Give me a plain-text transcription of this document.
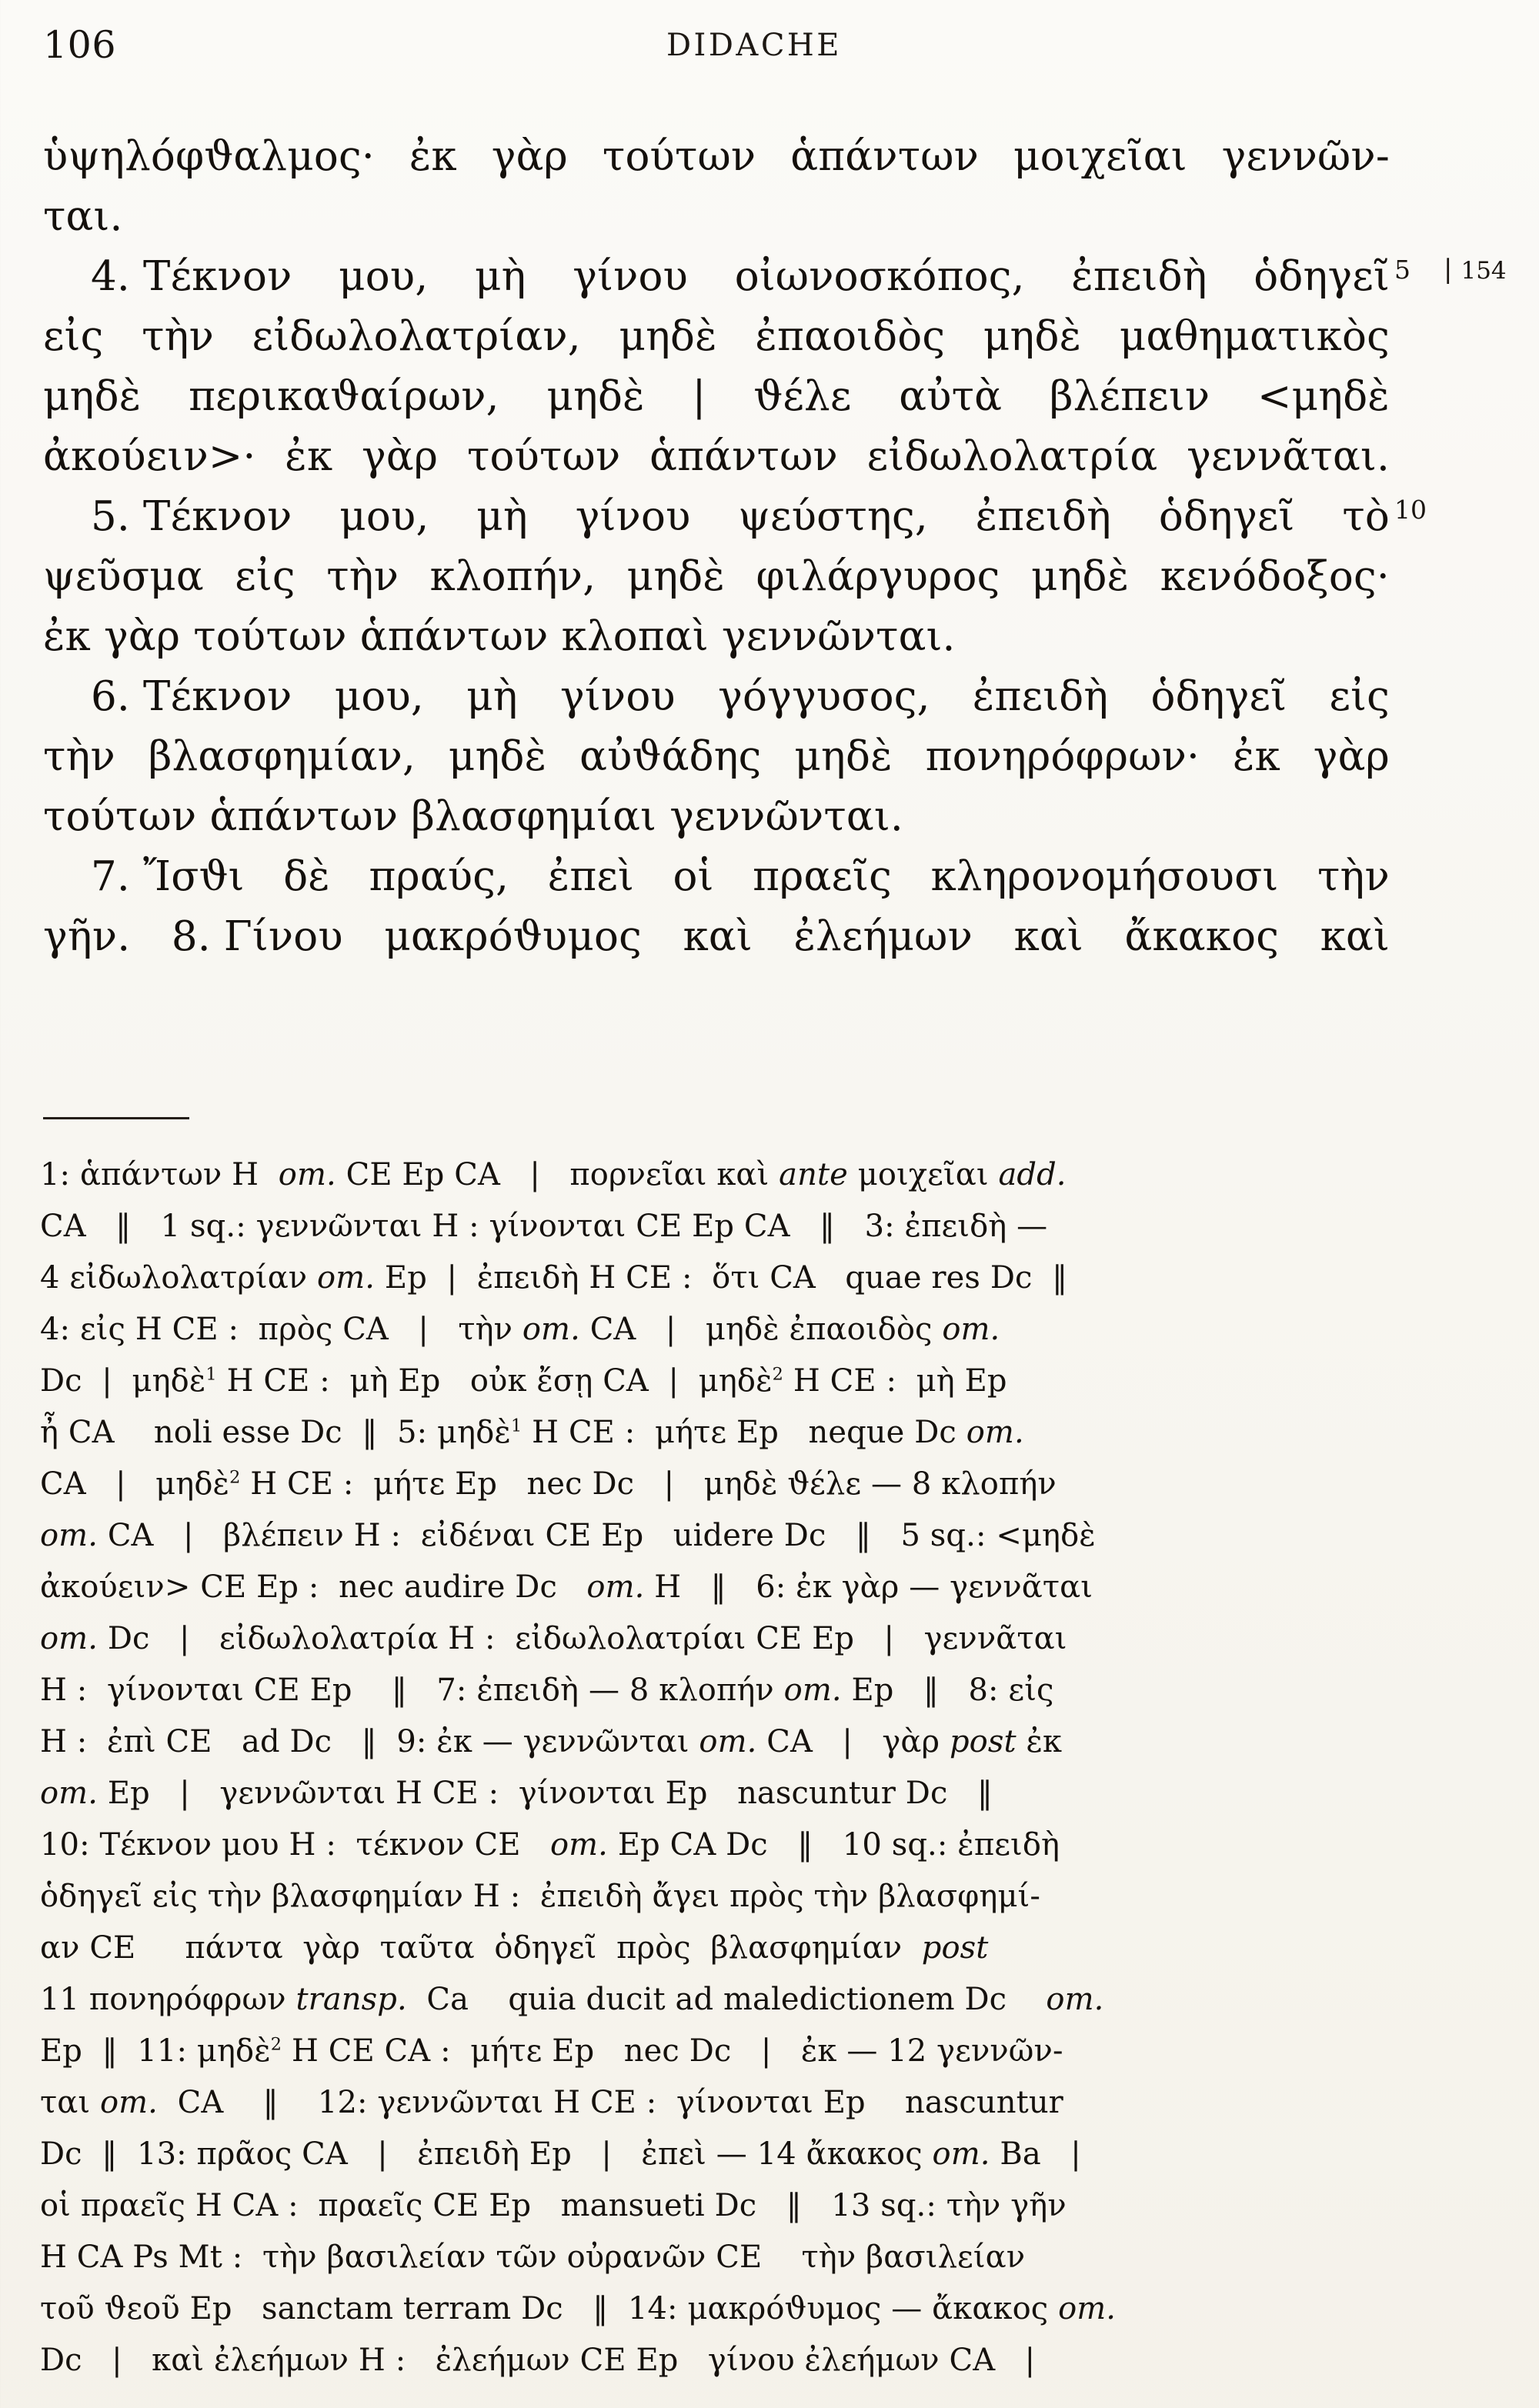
106	DIDACHE
ὑψηλόφϑαλμος· ἐκ γὰρ τούτων ἁπάντων μοιχεῖαι γεννῶν-
ται.
4. Τέκνον μου, μὴ γίνου οἰωνοσκόπος, ἐπειδὴ ὁδηγεῖ
εἰς τὴν εἰδωλολατρίαν, μηδὲ ἐπαοιδὸς μηδὲ μαθηματικὸς
μηδὲ περικαϑαίρων, μηδὲ | ϑέλε αὐτὰ βλέπειν <μηδὲ
ἀκούειν>· ἐκ γὰρ τούτων ἁπάντων εἰδωλολατρία γεννᾶται.
5. Τέκνον μου, μὴ γίνου ψεύστης, ἐπειδὴ ὁδηγεῖ τὸ
ψεῦσμα εἰς τὴν κλοπήν, μηδὲ φιλάργυρος μηδὲ κενόδοξος·
ἐκ γὰρ τούτων ἁπάντων κλοπαὶ γεννῶνται.
6. Τέκνον μου, μὴ γίνου γόγγυσος, ἐπειδὴ ὁδηγεῖ εἰς
τὴν βλασφημίαν, μηδὲ αὐϑάδης μηδὲ πονηρόφρων· ἐκ γὰρ
τούτων ἁπάντων βλασφημίαι γεννῶνται.
7. Ἴσϑι δὲ πραύς, ἐπεὶ οἱ πραεῖς κληρονομήσουσι τὴν
γῆν. 8. Γίνου μακρόϑυμος καὶ ἐλεήμων καὶ ἄκακος καὶ
5
10
| 154
1: ἁπάντων H  om. CE Ep CA   |   πορνεῖαι καὶ ante μοιχεῖαι add.
CA   ‖   1 sq.: γεννῶνται H : γίνονται CE Ep CA   ‖   3: ἐπειδὴ —
4 εἰδωλολατρίαν om. Ep  |  ἐπειδὴ H CE :  ὅτι CA   quae res Dc  ‖
4: εἰς H CE :  πρὸς CA   |   τὴν om. CA   |   μηδὲ ἐπαοιδὸς om.
Dc  |  μηδὲ$^1$ H CE :  μὴ Ep   οὐκ ἔσῃ CA  |  μηδὲ$^2$ H CE :  μὴ Ep
ἦ CA    noli esse Dc  ‖  5: μηδὲ$^1$ H CE :  μήτε Ep   neque Dc om.
CA   |   μηδὲ$^2$ H CE :  μήτε Ep   nec Dc   |   μηδὲ ϑέλε — 8 κλοπήν
om. CA   |   βλέπειν H :  εἰδέναι CE Ep   uidere Dc   ‖   5 sq.: <μηδὲ
ἀκούειν> CE Ep :  nec audire Dc   om. H   ‖   6: ἐκ γὰρ — γεννᾶται
om. Dc   |   εἰδωλολατρία H :  εἰδωλολατρίαι CE Ep   |   γεννᾶται
H :  γίνονται CE Ep    ‖   7: ἐπειδὴ — 8 κλοπήν om. Ep   ‖   8: εἰς
H :  ἐπὶ CE   ad Dc   ‖  9: ἐκ — γεννῶνται om. CA   |   γὰρ post ἐκ
om. Ep   |   γεννῶνται H CE :  γίνονται Ep   nascuntur Dc   ‖
10: Τέκνον μου H :  τέκνον CE   om. Ep CA Dc   ‖   10 sq.: ἐπειδὴ
ὁδηγεῖ εἰς τὴν βλασφημίαν H :  ἐπειδὴ ἄγει πρὸς τὴν βλασφημί-
αν CE     πάντα  γὰρ  ταῦτα  ὁδηγεῖ  πρὸς  βλασφημίαν  post
11 πονηρόφρων transp.  Ca    quia ducit ad maledictionem Dc    om.
Ep  ‖  11: μηδὲ$^2$ H CE CA :  μήτε Ep   nec Dc   |   ἐκ — 12 γεννῶν-
ται om.  CA    ‖    12: γεννῶνται H CE :  γίνονται Ep    nascuntur
Dc  ‖  13: πρᾶος CA   |   ἐπειδὴ Ep   |   ἐπεὶ — 14 ἄκακος om. Ba   |
οἱ πραεῖς H CA :  πραεῖς CE Ep   mansueti Dc   ‖   13 sq.: τὴν γῆν
H CA Ps Mt :  τὴν βασιλείαν τῶν οὐρανῶν CE    τὴν βασιλείαν
τοῦ ϑεοῦ Ep   sanctam terram Dc   ‖  14: μακρόϑυμος — ἄκακος om.
Dc   |   καὶ ἐλεήμων H :   ἐλεήμων CE Ep   γίνου ἐλεήμων CA   |
